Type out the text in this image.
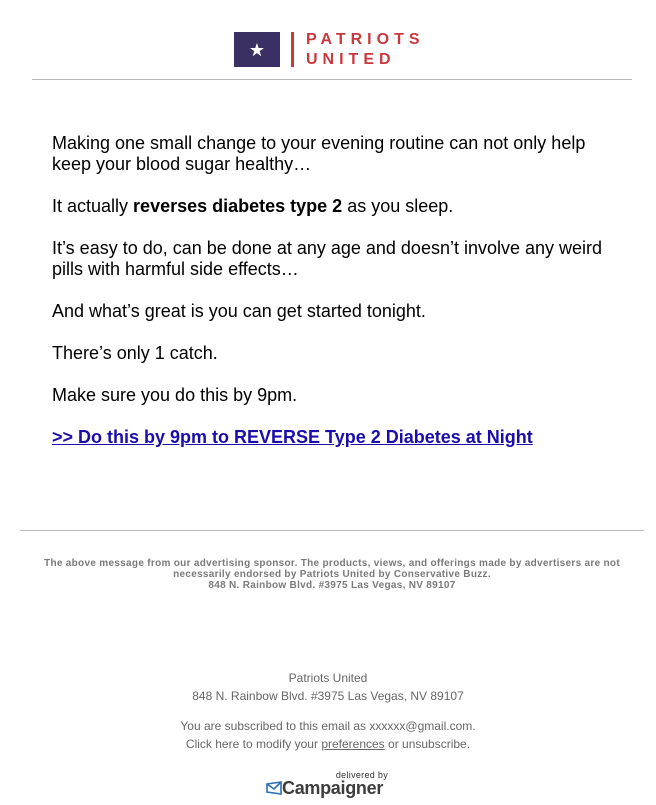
★	PATRIOTS
UNITED

Making one small change to your evening routine can not only help keep your blood sugar healthy…

It actually reverses diabetes type 2 as you sleep.

It’s easy to do, can be done at any age and doesn’t involve any weird pills with harmful side effects…

And what’s great is you can get started tonight.

There’s only 1 catch.

Make sure you do this by 9pm.

>> Do this by 9pm to REVERSE Type 2 Diabetes at Night

The above message from our advertising sponsor. The products, views, and offerings made by advertisers are not necessarily endorsed by Patriots United by Conservative Buzz.
848 N. Rainbow Blvd. #3975 Las Vegas, NV 89107
Patriots United
848 N. Rainbow Blvd. #3975 Las Vegas, NV 89107
You are subscribed to this email as xxxxxx@gmail.com.
Click here to modify your preferences or unsubscribe.
delivered by
Campaigner
